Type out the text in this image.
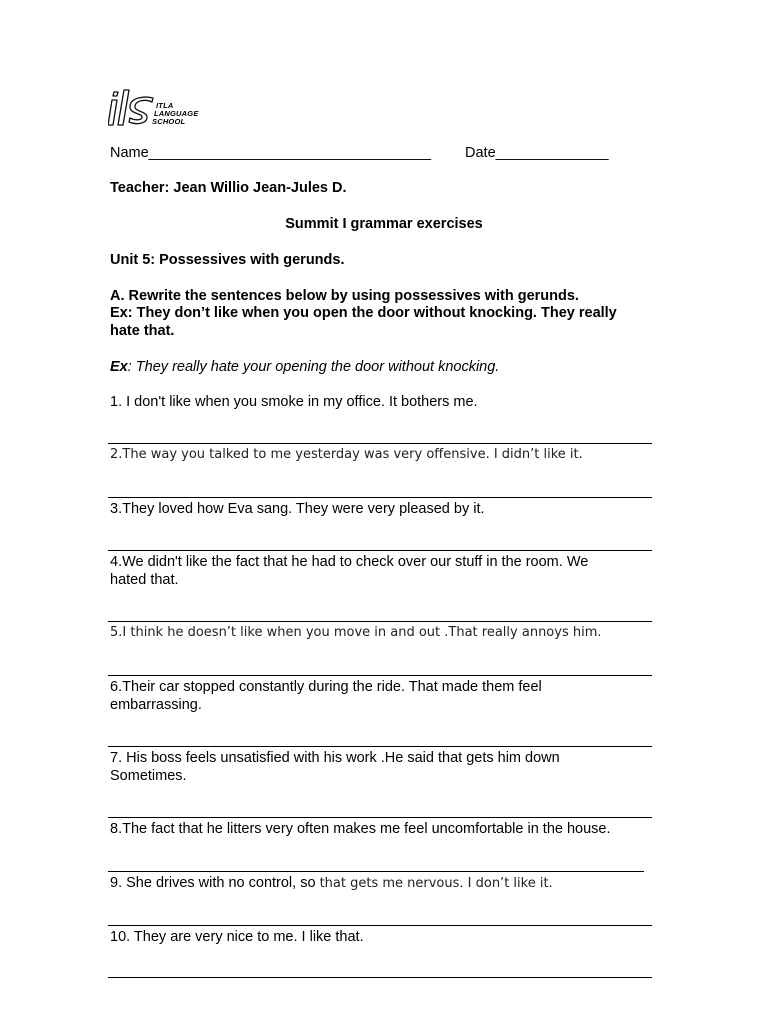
ITLA
LANGUAGE
SCHOOL
Name___________________________________ Date______________
Teacher: Jean Willio Jean-Jules D.
Summit I grammar exercises
Unit 5: Possessives with gerunds.
A. Rewrite the sentences below by using possessives with gerunds.
Ex: They don’t like when you open the door without knocking. They really
hate that.
Ex: They really hate your opening the door without knocking.
1. I don't like when you smoke in my office. It bothers me.
2.The way you talked to me yesterday was very offensive. I didn’t like it.
3.They loved how Eva sang. They were very pleased by it.
4.We didn't like the fact that he had to check over our stuff in the room. We
hated that.
5.I think he doesn’t like when you move in and out .That really annoys him.
6.Their car stopped constantly during the ride. That made them feel
embarrassing.
7. His boss feels unsatisfied with his work .He said that gets him down
Sometimes.
8.The fact that he litters very often makes me feel uncomfortable in the house.
9. She drives with no control, so that gets me nervous. I don’t like it.
10. They are very nice to me. I like that.
